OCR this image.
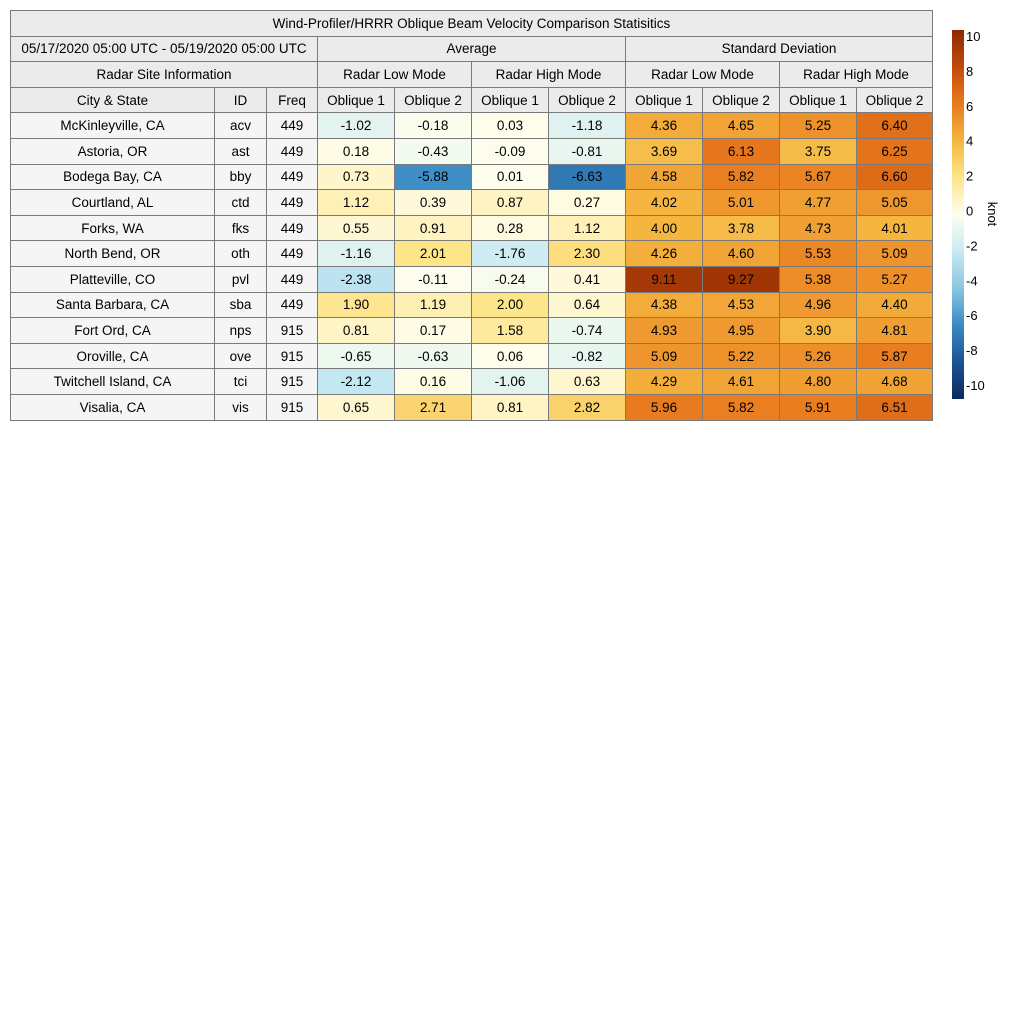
Wind-Profiler/HRRR Oblique Beam Velocity Comparison Statisitics										
05/17/2020 05:00 UTC - 05/19/2020 05:00 UTC			Average				Standard Deviation			
Radar Site Information			Radar Low Mode		Radar High Mode		Radar Low Mode		Radar High Mode	
City & State	ID	Freq	Oblique 1	Oblique 2	Oblique 1	Oblique 2	Oblique 1	Oblique 2	Oblique 1	Oblique 2
McKinleyville, CA	acv	449	-1.02	-0.18	0.03	-1.18	4.36	4.65	5.25	6.40
Astoria, OR	ast	449	0.18	-0.43	-0.09	-0.81	3.69	6.13	3.75	6.25
Bodega Bay, CA	bby	449	0.73	-5.88	0.01	-6.63	4.58	5.82	5.67	6.60
Courtland, AL	ctd	449	1.12	0.39	0.87	0.27	4.02	5.01	4.77	5.05
Forks, WA	fks	449	0.55	0.91	0.28	1.12	4.00	3.78	4.73	4.01
North Bend, OR	oth	449	-1.16	2.01	-1.76	2.30	4.26	4.60	5.53	5.09
Platteville, CO	pvl	449	-2.38	-0.11	-0.24	0.41	9.11	9.27	5.38	5.27
Santa Barbara, CA	sba	449	1.90	1.19	2.00	0.64	4.38	4.53	4.96	4.40
Fort Ord, CA	nps	915	0.81	0.17	1.58	-0.74	4.93	4.95	3.90	4.81
Oroville, CA	ove	915	-0.65	-0.63	0.06	-0.82	5.09	5.22	5.26	5.87
Twitchell Island, CA	tci	915	-2.12	0.16	-1.06	0.63	4.29	4.61	4.80	4.68
Visalia, CA	vis	915	0.65	2.71	0.81	2.82	5.96	5.82	5.91	6.51
10
8
6
4
2
0
-2
-4
-6
-8
-10
knot
